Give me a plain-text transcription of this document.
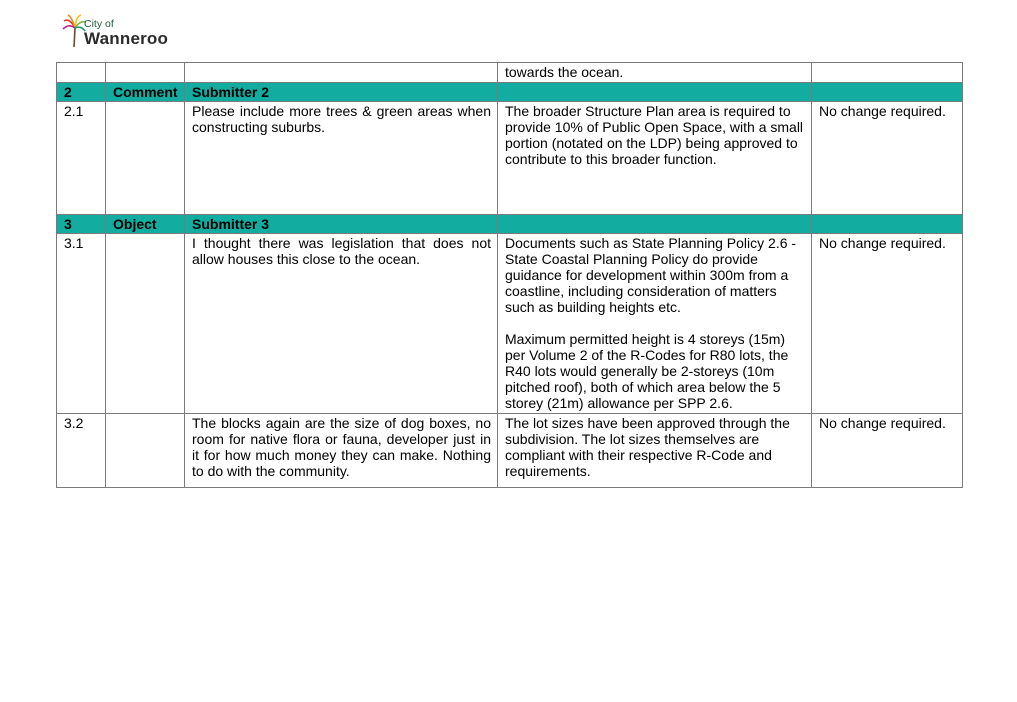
City of
Wanneroo
			towards the ocean.	
2	Comment	Submitter 2		
2.1		Please include more trees & green areas when constructing suburbs.	The broader Structure Plan area is required to provide 10% of Public Open Space, with a small portion (notated on the LDP) being approved to contribute to this broader function.	No change required.
3	Object	Submitter 3		
3.1		I thought there was legislation that does not allow houses this close to the ocean.	Documents such as State Planning Policy 2.6 - State Coastal Planning Policy do provide guidance for development within 300m from a coastline, including consideration of matters such as building heights etc.
Maximum permitted height is 4 storeys (15m) per Volume 2 of the R-Codes for R80 lots, the R40 lots would generally be 2-storeys (10m pitched roof), both of which area below the 5 storey (21m) allowance per SPP 2.6.	No change required.
3.2		The blocks again are the size of dog boxes, no room for native flora or fauna, developer just in it for how much money they can make. Nothing to do with the community.	The lot sizes have been approved through the subdivision. The lot sizes themselves are compliant with their respective R-Code and requirements.	No change required.
